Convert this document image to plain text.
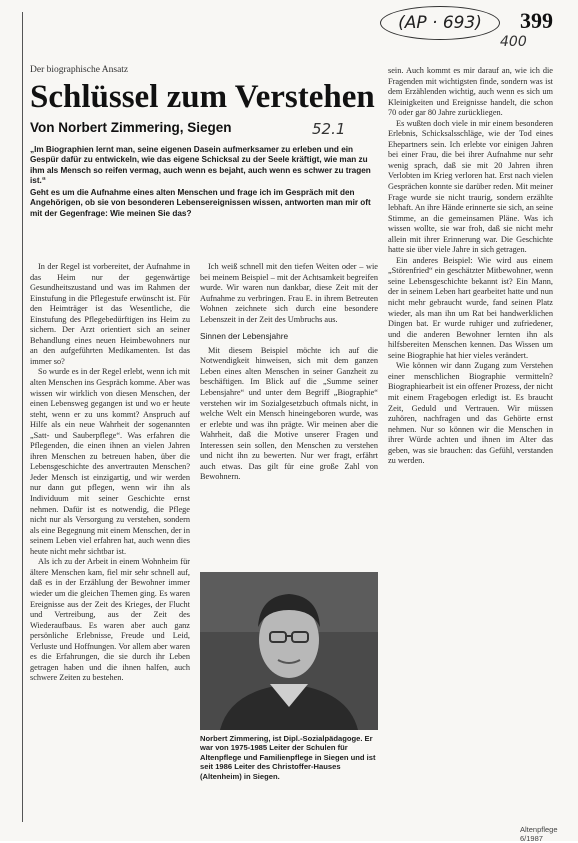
(AP · 693)
400
399
Der biographische Ansatz
Schlüssel zum Verstehen
Von Norbert Zimmering, Siegen	52.1

„Im Biographien lernt man, seine eigenen Dasein aufmerksamer zu erleben und ein Gespür dafür zu entwickeln, wie das eigene Schicksal zu der Seele kräftigt, wie man zu ihm als Mensch so reifen vermag, auch wenn es bejaht, auch wenn es schwer zu tragen ist.“

Geht es um die Aufnahme eines alten Menschen und frage ich im Gespräch mit den Angehörigen, ob sie von besonderen Lebensereignissen wissen, antworten man mir oft mit der Gegenfrage: Wie meinen Sie das?

In der Regel ist vorbereitet, der Aufnahme in das Heim nur der gegenwärtige Gesundheitszustand und was im Rahmen der Einstufung in die Pflegestufe erwünscht ist. Für den Heimträger ist das Wesentliche, die Einstufung des Pflegebedürftigen ins Heim zu sichern. Der Arzt orientiert sich an seiner Behandlung eines neuen Heimbewohners nur an den aufgeführten Medikamenten. Ist das immer so?

So wurde es in der Regel erlebt, wenn ich mit alten Menschen ins Gespräch komme. Aber was wissen wir wirklich von diesen Menschen, der einen Lebensweg gegangen ist und wo er heute steht, wenn er zu uns kommt? Anspruch auf Hilfe als ein neue Wahrheit der sogenannten „Satt- und Sauberpflege“. Was erfahren die Pflegenden, die einen ihnen an vielen Jahren ihren Menschen zu betreuen haben, über die Lebensgeschichte des anvertrauten Menschen? Jeder Mensch ist einzigartig, und wir werden nur dann gut pflegen, wenn wir ihn als Individuum mit seiner Geschichte ernst nehmen. Dafür ist es notwendig, die Pflege nicht nur als Versorgung zu verstehen, sondern als eine Begegnung mit einem Menschen, der in seinem Leben viel erfahren hat, auch wenn dies heute nicht mehr sichtbar ist.

Als ich zu der Arbeit in einem Wohnheim für ältere Menschen kam, fiel mir sehr schnell auf, daß es in der Erzählung der Bewohner immer wieder um die gleichen Themen ging. Es waren Ereignisse aus der Zeit des Krieges, der Flucht und Vertreibung, aus der Zeit des Wiederaufbaus. Es waren aber auch ganz persönliche Erlebnisse, Freude und Leid, Verluste und Hoffnungen. Vor allem aber waren es die Erfahrungen, die sie durch ihr Leben getragen haben und die ihnen halfen, auch schwere Zeiten zu bestehen.

Ich weiß schnell mit den tiefen Weiten oder – wie bei meinem Beispiel – mit der Achtsamkeit begreifen wurde. Wir waren nun dankbar, diese Zeit mit der Aufnahme zu verbringen. Frau E. in ihrem Betreuten Wohnen zeichnete sich durch eine besondere Lebenszeit in der Zeit des Umbruchs aus.

Sinnen der Lebensjahre

Mit diesem Beispiel möchte ich auf die Notwendigkeit hinweisen, sich mit dem ganzen Leben eines alten Menschen in seiner Ganzheit zu beschäftigen. Im Blick auf die „Summe seiner Lebensjahre“ und unter dem Begriff „Biographie“ verstehen wir im Sozialgesetzbuch oftmals nicht, in welche Welt ein Mensch hineingeboren wurde, was er erlebte und was ihn prägte. Wir meinen aber die Wahrheit, daß die Motive unserer Fragen und Interessen sein sollen, den Menschen zu verstehen und nicht ihn zu bewerten. Nur wer fragt, erfährt auch etwas. Das gilt für eine große Zahl von Bewohnern.

Norbert Zimmering, ist Dipl.-Sozialpädagoge. Er war von 1975-1985 Leiter der Schulen für Altenpflege und Familienpflege in Siegen und ist seit 1986 Leiter des Christoffer-Hauses (Altenheim) in Siegen.

sein. Auch kommt es mir darauf an, wie ich die Fragenden mit wichtigsten finde, sondern was ist dem Erzählenden wichtig, auch wenn es sich um Kleinigkeiten und Ereignisse handelt, die schon 70 oder gar 80 Jahre zurückliegen.

Es wußten doch viele in mir einem besonderen Erlebnis, Schicksalsschläge, wie der Tod eines Ehepartners sein. Ich erlebte vor einigen Jahren bei einer Frau, die bei ihrer Aufnahme nur sehr wenig sprach, daß sie mit 20 Jahren ihren Verlobten im Krieg verloren hat. Erst nach vielen Gesprächen konnte sie darüber reden. Mit meiner Frage wurde sie nicht traurig, sondern erzählte lebhaft. An ihre Hände erinnerte sie sich, an seine Stimme, an die gemeinsamen Pläne. Was ich wissen wollte, sie war froh, daß sie nicht mehr allein mit ihrer Erinnerung war. Die Geschichte hatte sie über viele Jahre in sich getragen.

Ein anderes Beispiel: Wie wird aus einem „Störenfried“ ein geschätzter Mitbewohner, wenn seine Lebensgeschichte bekannt ist? Ein Mann, der in seinem Leben hart gearbeitet hatte und nun nicht mehr gebraucht wurde, fand seinen Platz wieder, als man ihn um Rat bei handwerklichen Dingen bat. Er wurde ruhiger und zufriedener, und die anderen Bewohner lernten ihn als hilfsbereiten Menschen kennen. Das Wissen um seine Biographie hat hier vieles verändert.

Wie können wir dann Zugang zum Verstehen einer menschlichen Biographie vermitteln? Biographiearbeit ist ein offener Prozess, der nicht mit einem Fragebogen erledigt ist. Es braucht Zeit, Geduld und Vertrauen. Wir müssen zuhören, nachfragen und das Gehörte ernst nehmen. Nur so können wir die Menschen in ihrer Würde achten und ihnen im Alter das geben, was sie brauchen: das Gefühl, verstanden zu werden.

Altenpflege 6/1987
